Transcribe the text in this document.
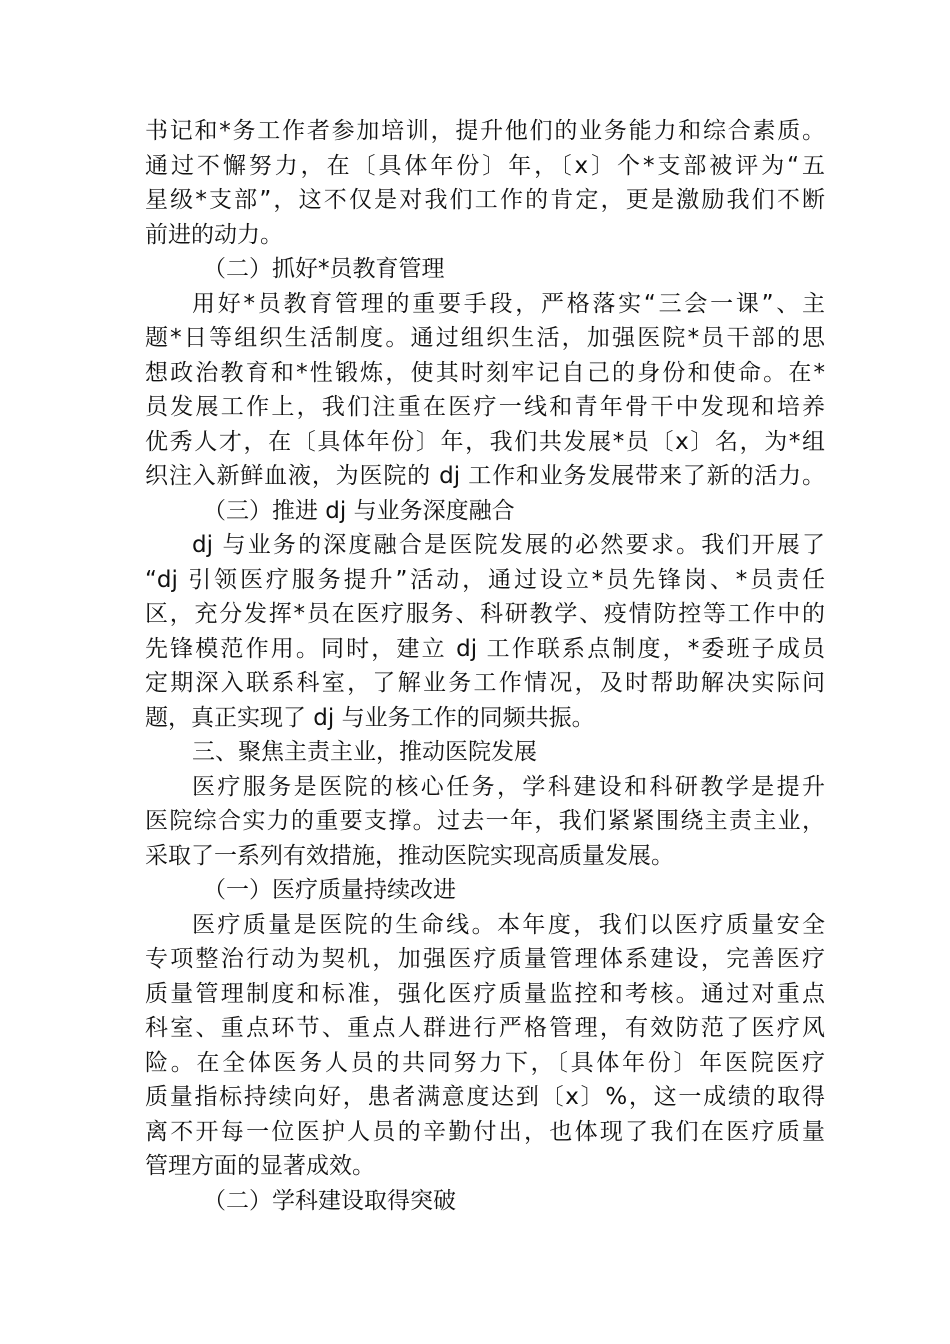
书记和*务工作者参加培训，提升他们的业务能力和综合素质。
通过不懈努力，在〔具体年份〕年，〔x〕个*支部被评为“五
星级*支部”，这不仅是对我们工作的肯定，更是激励我们不断
前进的动力。
（二）抓好*员教育管理
用好*员教育管理的重要手段，严格落实“三会一课”、主
题*日等组织生活制度。通过组织生活，加强医院*员干部的思
想政治教育和*性锻炼，使其时刻牢记自己的身份和使命。在*
员发展工作上，我们注重在医疗一线和青年骨干中发现和培养
优秀人才，在〔具体年份〕年，我们共发展*员〔x〕名，为*组
织注入新鲜血液，为医院的 dj 工作和业务发展带来了新的活力。
（三）推进 dj 与业务深度融合
dj 与业务的深度融合是医院发展的必然要求。我们开展了
“dj 引领医疗服务提升”活动，通过设立*员先锋岗、*员责任
区，充分发挥*员在医疗服务、科研教学、疫情防控等工作中的
先锋模范作用。同时，建立 dj 工作联系点制度，*委班子成员
定期深入联系科室，了解业务工作情况，及时帮助解决实际问
题，真正实现了 dj 与业务工作的同频共振。
三、聚焦主责主业，推动医院发展
医疗服务是医院的核心任务，学科建设和科研教学是提升
医院综合实力的重要支撑。过去一年，我们紧紧围绕主责主业，
采取了一系列有效措施，推动医院实现高质量发展。
（一）医疗质量持续改进
医疗质量是医院的生命线。本年度，我们以医疗质量安全
专项整治行动为契机，加强医疗质量管理体系建设，完善医疗
质量管理制度和标准，强化医疗质量监控和考核。通过对重点
科室、重点环节、重点人群进行严格管理，有效防范了医疗风
险。在全体医务人员的共同努力下，〔具体年份〕年医院医疗
质量指标持续向好，患者满意度达到〔x〕%，这一成绩的取得
离不开每一位医护人员的辛勤付出，也体现了我们在医疗质量
管理方面的显著成效。
（二）学科建设取得突破
